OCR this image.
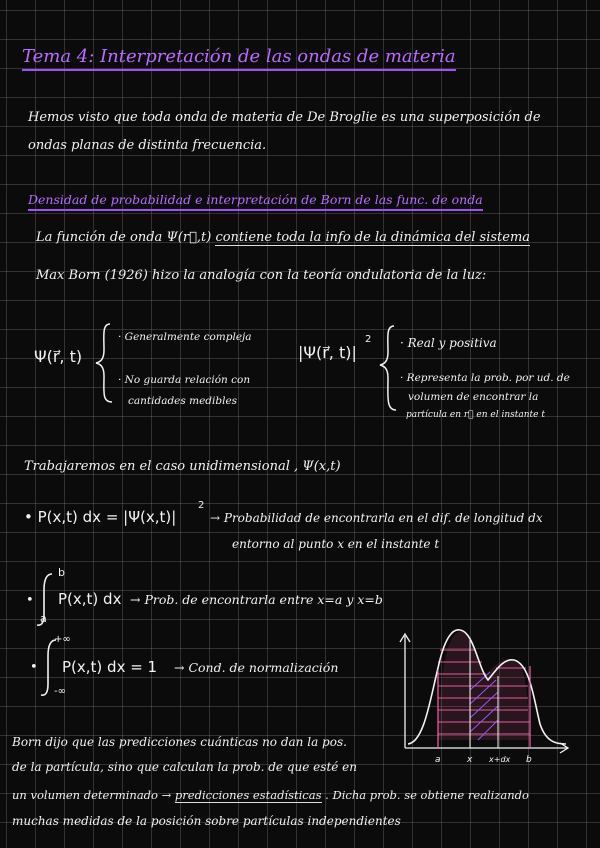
Tema 4: Interpretación de las ondas de materia
Hemos visto que toda onda de materia de De Broglie es una superposición de
ondas planas de distinta frecuencia.
Densidad de probabilidad e interpretación de Born de las func. de onda
La función de onda Ψ(r⃗,t) contiene toda la info de la dinámica del sistema
Max Born (1926) hizo la analogía con la teoría ondulatoria de la luz:
Ψ(r⃗, t)
· Generalmente compleja
· No guarda relación con
cantidades medibles
|Ψ(r⃗, t)|
2 · Real y positiva
· Representa la prob. por ud. de
volumen de encontrar la
partícula en r⃗ en el instante t
Trabajaremos en el caso unidimensional , Ψ(x,t)
• P(x,t) dx = |Ψ(x,t)|
2
→ Probabilidad de encontrarla en el dif. de longitud dx
entorno al punto x en el instante t
•
b
a
P(x,t) dx → Prob. de encontrarla entre x=a y x=b
•
+∞
-∞
P(x,t) dx = 1 → Cond. de normalización
Born dijo que las predicciones cuánticas no dan la pos.
de la partícula, sino que calculan la prob. de que esté en
un volumen determinado → predicciones estadísticas . Dicha prob. se obtiene realizando
muchas medidas de la posición sobre partículas independientes
a	x x+dx b
